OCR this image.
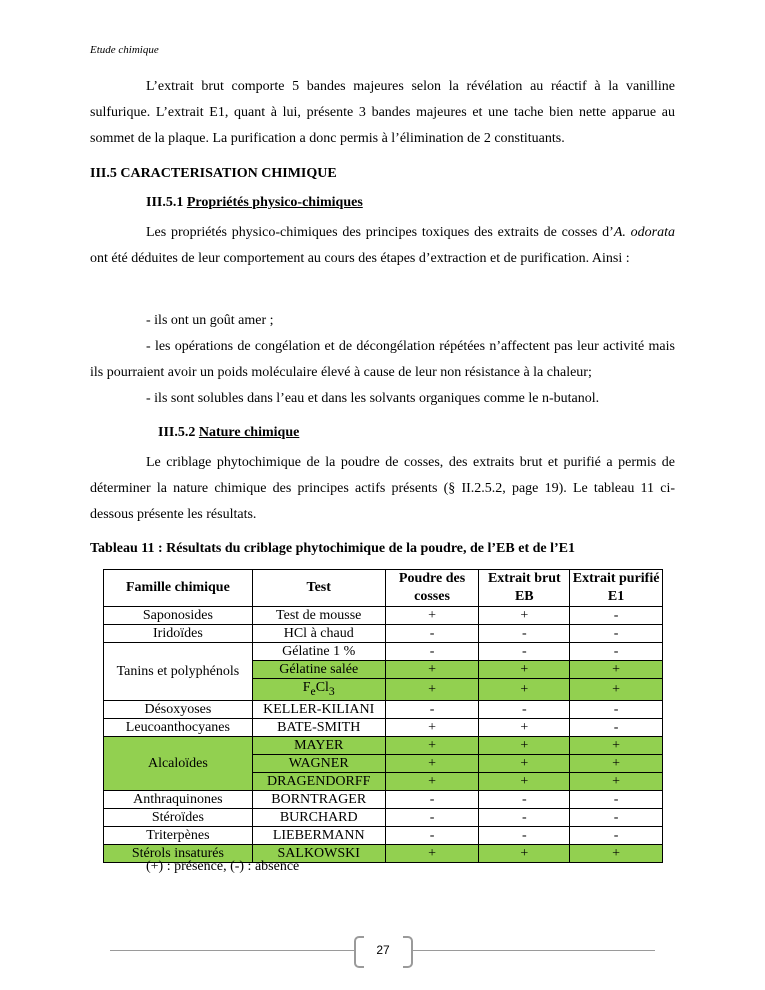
Etude chimique

L’extrait brut comporte 5 bandes majeures selon la révélation au réactif à la vanilline sulfurique. L’extrait E1, quant à lui, présente 3 bandes majeures et une tache bien nette apparue au sommet de la plaque. La purification a donc permis à l’élimination de 2 constituants.

III.5 CARACTERISATION CHIMIQUE
III.5.1 Propriétés physico-chimiques

Les propriétés physico-chimiques des principes toxiques des extraits de cosses d’A. odorata ont été déduites de leur comportement au cours des étapes d’extraction et de purification. Ainsi :

- ils ont un goût amer ;

- les opérations de congélation et de décongélation répétées n’affectent pas leur activité mais ils pourraient avoir un poids moléculaire élevé à cause de leur non résistance à la chaleur;

- ils sont solubles dans l’eau et dans les solvants organiques comme le n-butanol.

III.5.2 Nature chimique

Le criblage phytochimique de la poudre de cosses, des extraits brut et purifié a permis de déterminer la nature chimique des principes actifs présents (§ II.2.5.2, page 19). Le tableau 11 ci-dessous présente les résultats.

Tableau 11 : Résultats du criblage phytochimique de la poudre, de l’EB et de l’E1
Famille chimique	Test	Poudre des cosses	Extrait brut EB	Extrait purifié E1
Saponosides	Test de mousse	+	+	-
Iridoïdes	HCl à chaud	-	-	-
Tanins et polyphénols	Gélatine 1 %	-	-	-
	Gélatine salée	+	+	+
	$F_eCl_3$	+	+	+
Désoxyoses	KELLER-KILIANI	-	-	-
Leucoanthocyanes	BATE-SMITH	+	+	-
Alcaloïdes	MAYER	+	+	+
	WAGNER	+	+	+
	DRAGENDORFF	+	+	+
Anthraquinones	BORNTRAGER	-	-	-
Stéroïdes	BURCHARD	-	-	-
Triterpènes	LIEBERMANN	-	-	-
Stérols insaturés	SALKOWSKI	+	+	+
(+) : présence, (-) : absence
27
